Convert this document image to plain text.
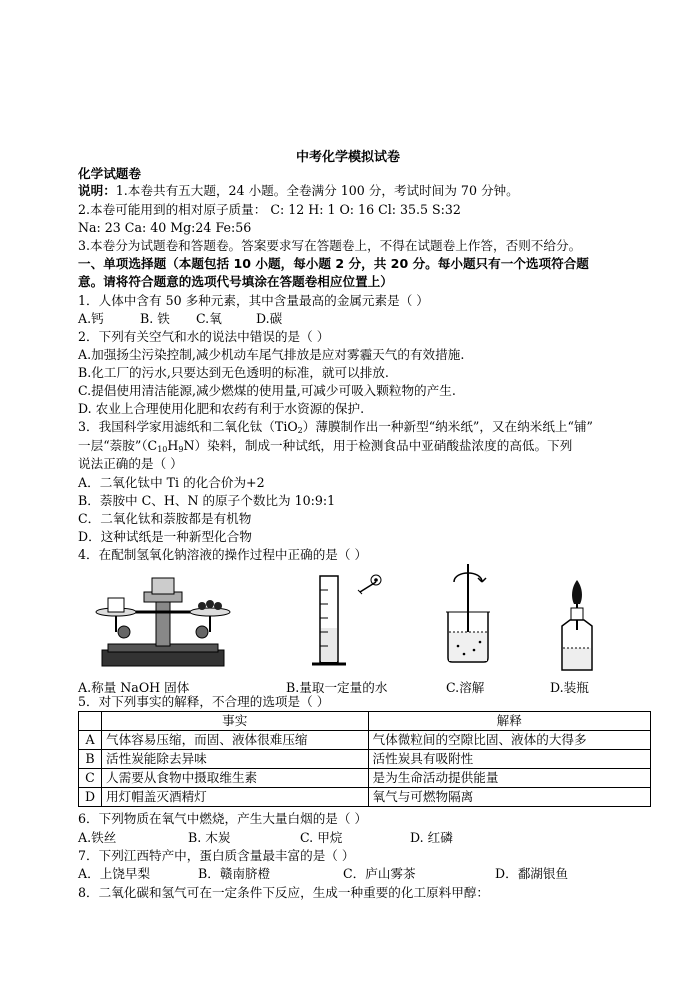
中考化学模拟试卷
化学试题卷
说明：1.本卷共有五大题，24 小题。全卷满分 100 分，考试时间为 70 分钟。
2.本卷可能用到的相对原子质量： C: 12 H: 1 O: 16 Cl: 35.5 S:32
Na: 23 Ca: 40 Mg:24 Fe:56
3.本卷分为试题卷和答题卷。答案要求写在答题卷上，不得在试题卷上作答，否则不给分。
一、单项选择题（本题包括 10 小题，每小题 2 分，共 20 分。每小题只有一个选项符合题
意。请将符合题意的选项代号填涂在答题卷相应位置上）
1．人体中含有 50 多种元素，其中含量最高的金属元素是（ ）
A.钙	B. 铁 C.氧	D.碳
2．下列有关空气和水的说法中错误的是（ ）
A.加强扬尘污染控制,减少机动车尾气排放是应对雾霾天气的有效措施.
B.化工厂的污水,只要达到无色透明的标准，就可以排放.
C.提倡使用清洁能源,减少燃煤的使用量,可减少可吸入颗粒物的产生.
D. 农业上合理使用化肥和农药有利于水资源的保护.
3．我国科学家用滤纸和二氧化钛（TiO$_2$）薄膜制作出一种新型“纳米纸”，又在纳米纸上“铺”
一层“萘胺$”(C_{10}H_9N)$染料，制成一种试纸，用于检测食品中亚硝酸盐浓度的高低。下列
说法正确的是（ ）
A．二氧化钛中 Ti 的化合价为+2
B．萘胺中 C、H、N 的原子个数比为 10:9:1
C．二氧化钛和萘胺都是有机物
D．这种试纸是一种新型化合物
4．在配制氢氧化钠溶液的操作过程中正确的是（ ）
A.称量 NaOH 固体	B.量取一定量的水	C.溶解	D.装瓶
5．对下列事实的解释，不合理的选项是（ ）
	事实	解释
A	气体容易压缩，而固、液体很难压缩	气体微粒间的空隙比固、液体的大得多
B	活性炭能除去异味	活性炭具有吸附性
C	人需要从食物中摄取维生素	是为生命活动提供能量
D	用灯帽盖灭酒精灯	氧气与可燃物隔离
6．下列物质在氧气中燃烧，产生大量白烟的是（ ）
A.铁丝	B. 木炭	C. 甲烷	D. 红磷
7．下列江西特产中，蛋白质含量最丰富的是（ ）
A．上饶早梨	B．赣南脐橙	C．庐山雾茶	D．鄱湖银鱼
8．二氧化碳和氢气可在一定条件下反应，生成一种重要的化工原料甲醇：
